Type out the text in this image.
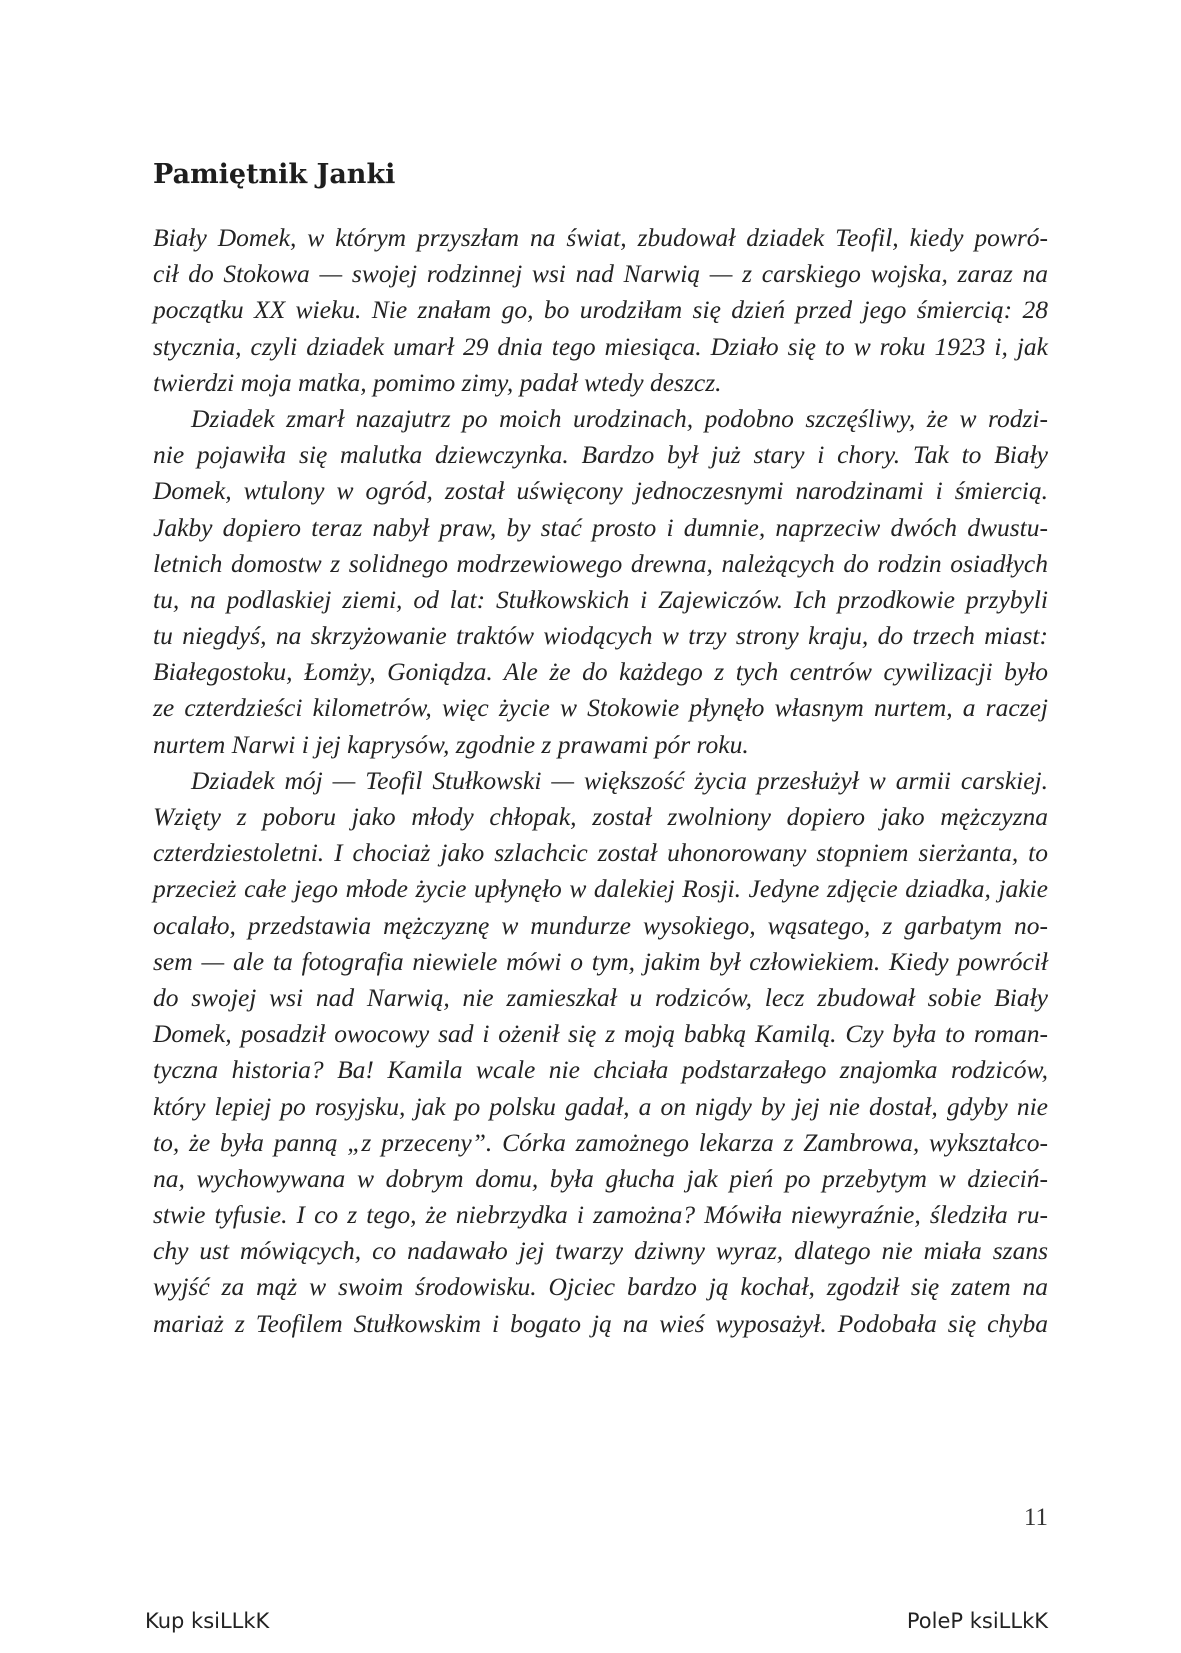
Pamiętnik Janki

Biały Domek, w którym przyszłam na świat, zbudował dziadek Teofil, kiedy powró-
cił do Stokowa — swojej rodzinnej wsi nad Narwią — z carskiego wojska, zaraz na
początku XX wieku. Nie znałam go, bo urodziłam się dzień przed jego śmiercią: 28
stycznia, czyli dziadek umarł 29 dnia tego miesiąca. Działo się to w roku 1923 i, jak
twierdzi moja matka, pomimo zimy, padał wtedy deszcz.

Dziadek zmarł nazajutrz po moich urodzinach, podobno szczęśliwy, że w rodzi-
nie pojawiła się malutka dziewczynka. Bardzo był już stary i chory. Tak to Biały
Domek, wtulony w ogród, został uświęcony jednoczesnymi narodzinami i śmiercią.
Jakby dopiero teraz nabył praw, by stać prosto i dumnie, naprzeciw dwóch dwustu-
letnich domostw z solidnego modrzewiowego drewna, należących do rodzin osiadłych
tu, na podlaskiej ziemi, od lat: Stułkowskich i Zajewiczów. Ich przodkowie przybyli
tu niegdyś, na skrzyżowanie traktów wiodących w trzy strony kraju, do trzech miast:
Białegostoku, Łomży, Goniądza. Ale że do każdego z tych centrów cywilizacji było
ze czterdzieści kilometrów, więc życie w Stokowie płynęło własnym nurtem, a raczej
nurtem Narwi i jej kaprysów, zgodnie z prawami pór roku.

Dziadek mój — Teofil Stułkowski — większość życia przesłużył w armii carskiej.
Wzięty z poboru jako młody chłopak, został zwolniony dopiero jako mężczyzna
czterdziestoletni. I chociaż jako szlachcic został uhonorowany stopniem sierżanta, to
przecież całe jego młode życie upłynęło w dalekiej Rosji. Jedyne zdjęcie dziadka, jakie
ocalało, przedstawia mężczyznę w mundurze wysokiego, wąsatego, z garbatym no-
sem — ale ta fotografia niewiele mówi o tym, jakim był człowiekiem. Kiedy powrócił
do swojej wsi nad Narwią, nie zamieszkał u rodziców, lecz zbudował sobie Biały
Domek, posadził owocowy sad i ożenił się z moją babką Kamilą. Czy była to roman-
tyczna historia? Ba! Kamila wcale nie chciała podstarzałego znajomka rodziców,
który lepiej po rosyjsku, jak po polsku gadał, a on nigdy by jej nie dostał, gdyby nie
to, że była panną „z przeceny”. Córka zamożnego lekarza z Zambrowa, wykształco-
na, wychowywana w dobrym domu, była głucha jak pień po przebytym w dzieciń-
stwie tyfusie. I co z tego, że niebrzydka i zamożna? Mówiła niewyraźnie, śledziła ru-
chy ust mówiących, co nadawało jej twarzy dziwny wyraz, dlatego nie miała szans
wyjść za mąż w swoim środowisku. Ojciec bardzo ją kochał, zgodził się zatem na
mariaż z Teofilem Stułkowskim i bogato ją na wieś wyposażył. Podobała się chyba

11
Kup ksiLLkK	PoleP ksiLLkK
